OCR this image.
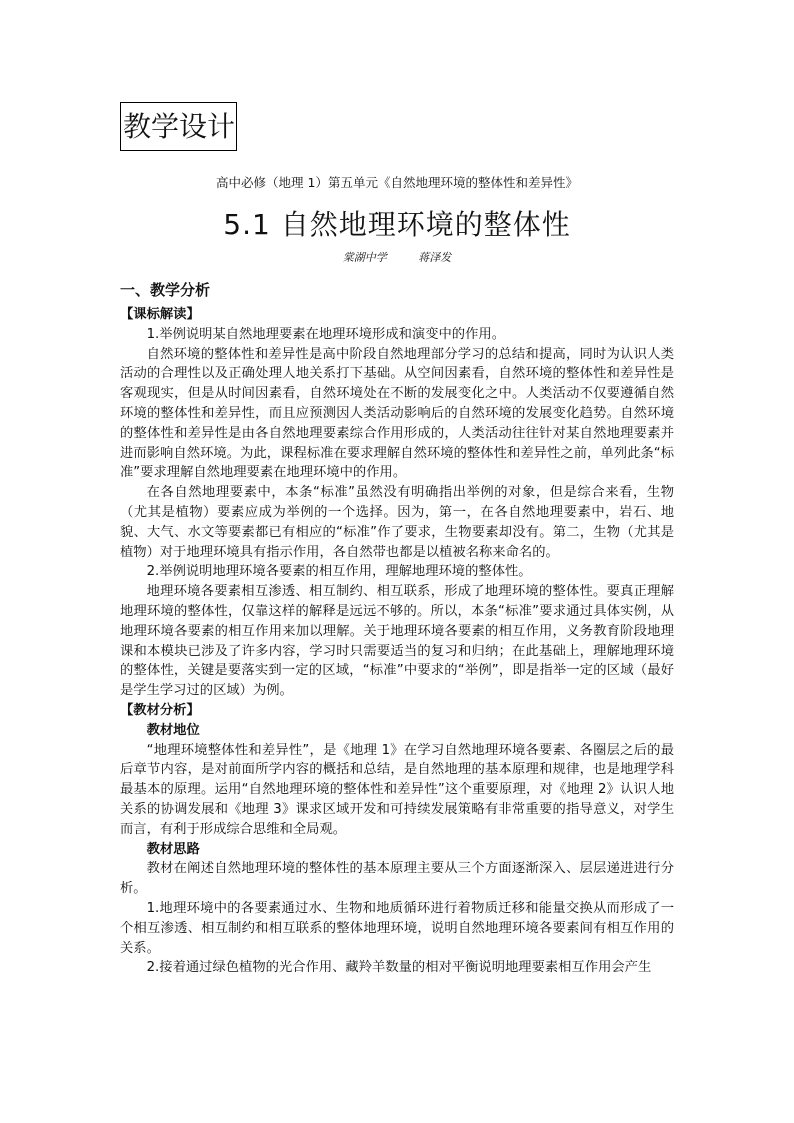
教学设计
高中必修（地理 1）第五单元《自然地理环境的整体性和差异性》
5.1 自然地理环境的整体性
棠湖中学	蒋泽发
一、教学分析

【课标解读】

1.举例说明某自然地理要素在地理环境形成和演变中的作用。

自然环境的整体性和差异性是高中阶段自然地理部分学习的总结和提高，同时为认识人类活动的合理性以及正确处理人地关系打下基础。从空间因素看，自然环境的整体性和差异性是客观现实，但是从时间因素看，自然环境处在不断的发展变化之中。人类活动不仅要遵循自然环境的整体性和差异性，而且应预测因人类活动影响后的自然环境的发展变化趋势。自然环境的整体性和差异性是由各自然地理要素综合作用形成的，人类活动往往针对某自然地理要素并进而影响自然环境。为此，课程标准在要求理解自然环境的整体性和差异性之前，单列此条“标准”要求理解自然地理要素在地理环境中的作用。

在各自然地理要素中，本条“标准”虽然没有明确指出举例的对象，但是综合来看，生物（尤其是植物）要素应成为举例的一个选择。因为，第一，在各自然地理要素中，岩石、地貌、大气、水文等要素都已有相应的“标准”作了要求，生物要素却没有。第二，生物（尤其是植物）对于地理环境具有指示作用，各自然带也都是以植被名称来命名的。

2.举例说明地理环境各要素的相互作用，理解地理环境的整体性。

地理环境各要素相互渗透、相互制约、相互联系，形成了地理环境的整体性。要真正理解地理环境的整体性，仅靠这样的解释是远远不够的。所以，本条“标准”要求通过具体实例，从地理环境各要素的相互作用来加以理解。关于地理环境各要素的相互作用，义务教育阶段地理课和本模块已涉及了许多内容，学习时只需要适当的复习和归纳；在此基础上，理解地理环境的整体性，关键是要落实到一定的区域，“标准”中要求的“举例”，即是指举一定的区域（最好是学生学习过的区域）为例。

【教材分析】

教材地位

“地理环境整体性和差异性”，是《地理 1》在学习自然地理环境各要素、各圈层之后的最后章节内容，是对前面所学内容的概括和总结，是自然地理的基本原理和规律，也是地理学科最基本的原理。运用“自然地理环境的整体性和差异性”这个重要原理，对《地理 2》认识人地关系的协调发展和《地理 3》课求区域开发和可持续发展策略有非常重要的指导意义，对学生而言，有利于形成综合思维和全局观。

教材思路

教材在阐述自然地理环境的整体性的基本原理主要从三个方面逐渐深入、层层递进进行分析。

1.地理环境中的各要素通过水、生物和地质循环进行着物质迁移和能量交换从而形成了一个相互渗透、相互制约和相互联系的整体地理环境，说明自然地理环境各要素间有相互作用的关系。

2.接着通过绿色植物的光合作用、藏羚羊数量的相对平衡说明地理要素相互作用会产生
